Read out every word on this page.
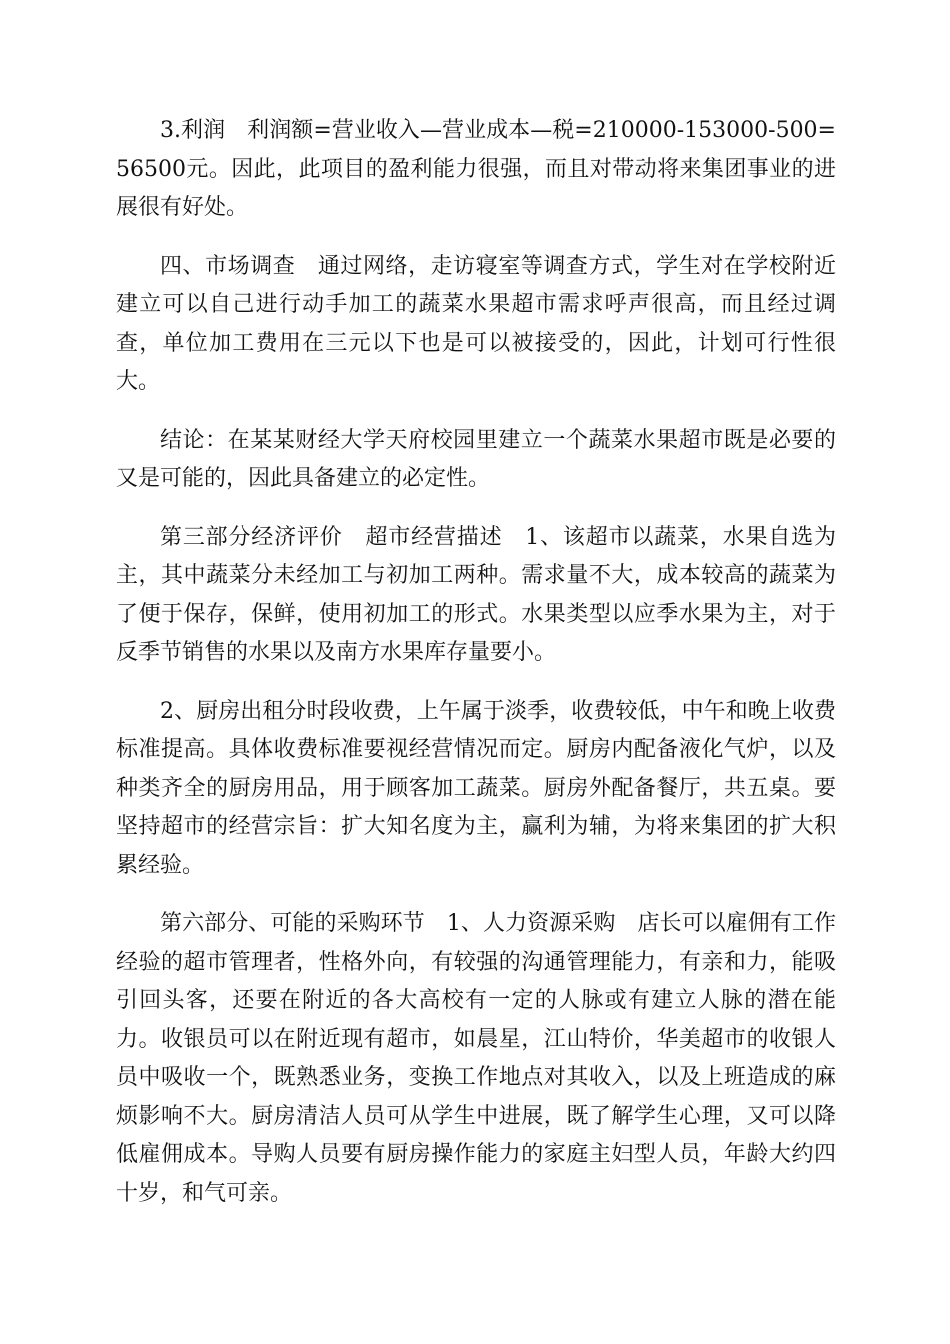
3.利润　利润额=营业收入—营业成本—税=210000-153000-500=56500元。因此，此项目的盈利能力很强，而且对带动将来集团事业的进展很有好处。

四、市场调查　通过网络，走访寝室等调查方式，学生对在学校附近建立可以自己进行动手加工的蔬菜水果超市需求呼声很高，而且经过调查，单位加工费用在三元以下也是可以被接受的，因此，计划可行性很大。

结论：在某某财经大学天府校园里建立一个蔬菜水果超市既是必要的又是可能的，因此具备建立的必定性。

第三部分经济评价　超市经营描述　1、该超市以蔬菜，水果自选为主，其中蔬菜分未经加工与初加工两种。需求量不大，成本较高的蔬菜为了便于保存，保鲜，使用初加工的形式。水果类型以应季水果为主，对于反季节销售的水果以及南方水果库存量要小。

2、厨房出租分时段收费，上午属于淡季，收费较低，中午和晚上收费标准提高。具体收费标准要视经营情况而定。厨房内配备液化气炉，以及种类齐全的厨房用品，用于顾客加工蔬菜。厨房外配备餐厅，共五桌。要坚持超市的经营宗旨：扩大知名度为主，赢利为辅，为将来集团的扩大积累经验。

第六部分、可能的采购环节　1、人力资源采购　店长可以雇佣有工作经验的超市管理者，性格外向，有较强的沟通管理能力，有亲和力，能吸引回头客，还要在附近的各大高校有一定的人脉或有建立人脉的潜在能力。收银员可以在附近现有超市，如晨星，江山特价，华美超市的收银人员中吸收一个，既熟悉业务，变换工作地点对其收入，以及上班造成的麻烦影响不大。厨房清洁人员可从学生中进展，既了解学生心理，又可以降低雇佣成本。导购人员要有厨房操作能力的家庭主妇型人员，年龄大约四十岁，和气可亲。
